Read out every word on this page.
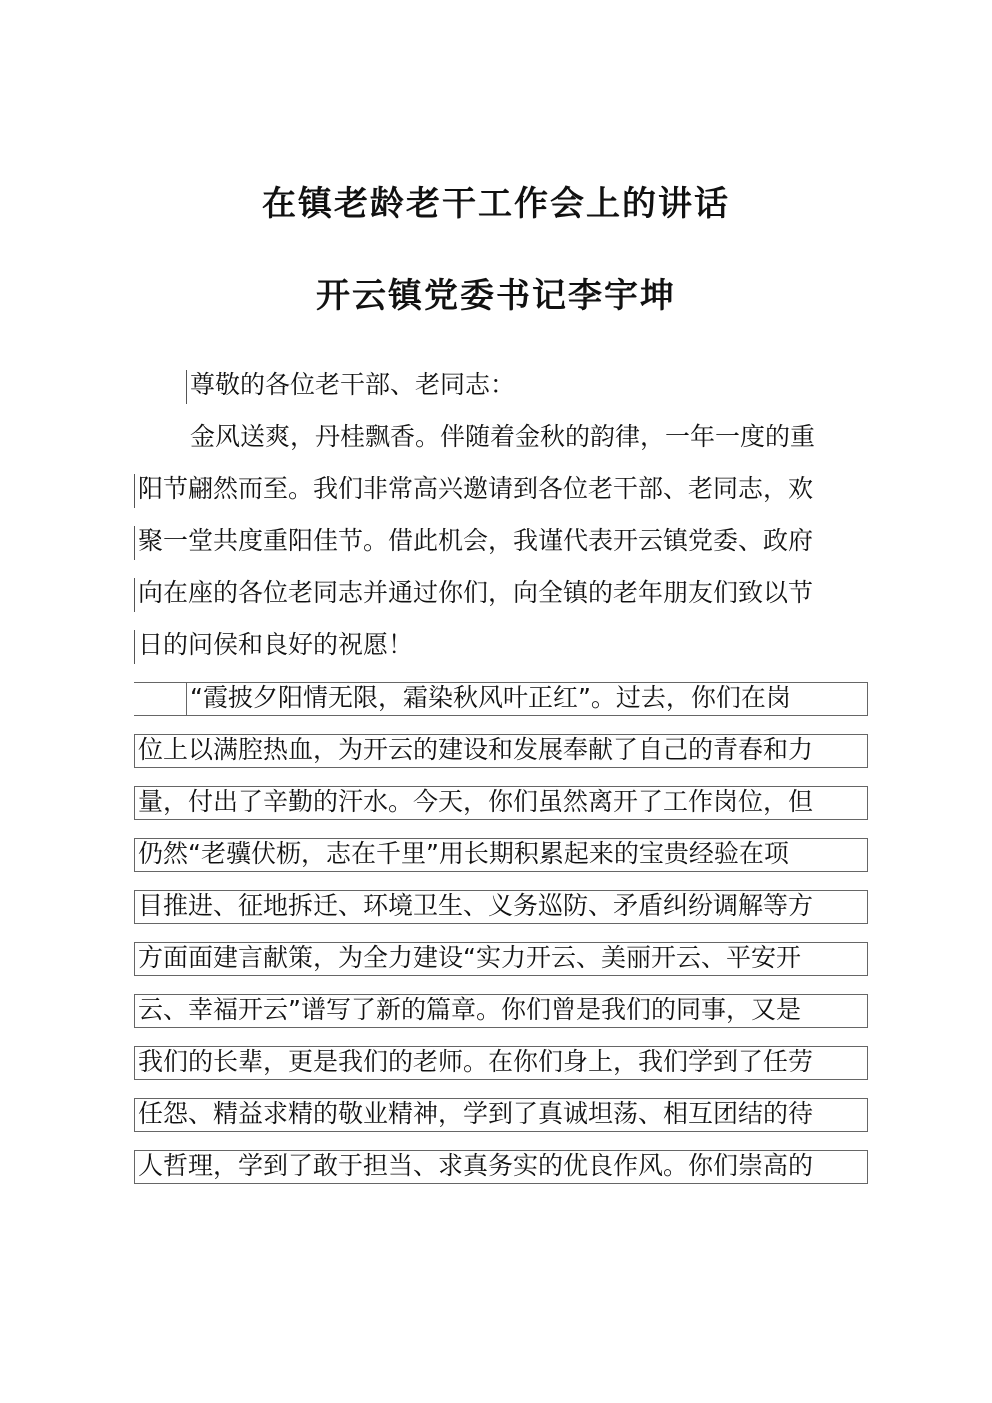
在镇老龄老干工作会上的讲话
开云镇党委书记李宇坤
尊敬的各位老干部、老同志：
金风送爽，丹桂飘香。伴随着金秋的韵律，一年一度的重
阳节翩然而至。我们非常高兴邀请到各位老干部、老同志，欢
聚一堂共度重阳佳节。借此机会，我谨代表开云镇党委、政府
向在座的各位老同志并通过你们，向全镇的老年朋友们致以节
日的问侯和良好的祝愿！
“霞披夕阳情无限，霜染秋风叶正红”。过去，你们在岗
位上以满腔热血，为开云的建设和发展奉献了自己的青春和力
量，付出了辛勤的汗水。今天，你们虽然离开了工作岗位，但
仍然“老骥伏枥，志在千里”用长期积累起来的宝贵经验在项
目推进、征地拆迁、环境卫生、义务巡防、矛盾纠纷调解等方
方面面建言献策，为全力建设“实力开云、美丽开云、平安开
云、幸福开云”谱写了新的篇章。你们曾是我们的同事，又是
我们的长辈，更是我们的老师。在你们身上，我们学到了任劳
任怨、精益求精的敬业精神，学到了真诚坦荡、相互团结的待
人哲理，学到了敢于担当、求真务实的优良作风。你们崇高的
